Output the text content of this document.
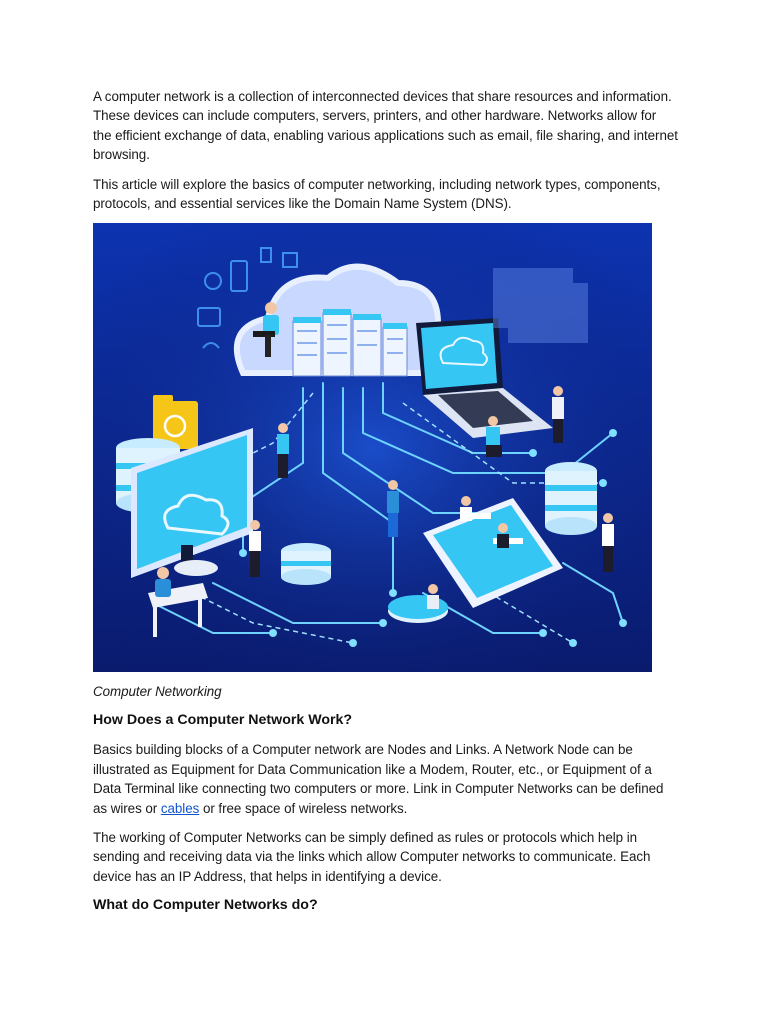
A computer network is a collection of interconnected devices that share resources and information. These devices can include computers, servers, printers, and other hardware. Networks allow for the efficient exchange of data, enabling various applications such as email, file sharing, and internet browsing.

This article will explore the basics of computer networking, including network types, components, protocols, and essential services like the Domain Name System (DNS).

Computer Networking

How Does a Computer Network Work?

Basics building blocks of a Computer network are Nodes and Links. A Network Node can be illustrated as Equipment for Data Communication like a Modem, Router, etc., or Equipment of a Data Terminal like connecting two computers or more. Link in Computer Networks can be defined as wires or cables or free space of wireless networks.

The working of Computer Networks can be simply defined as rules or protocols which help in sending and receiving data via the links which allow Computer networks to communicate. Each device has an IP Address, that helps in identifying a device.

What do Computer Networks do?
